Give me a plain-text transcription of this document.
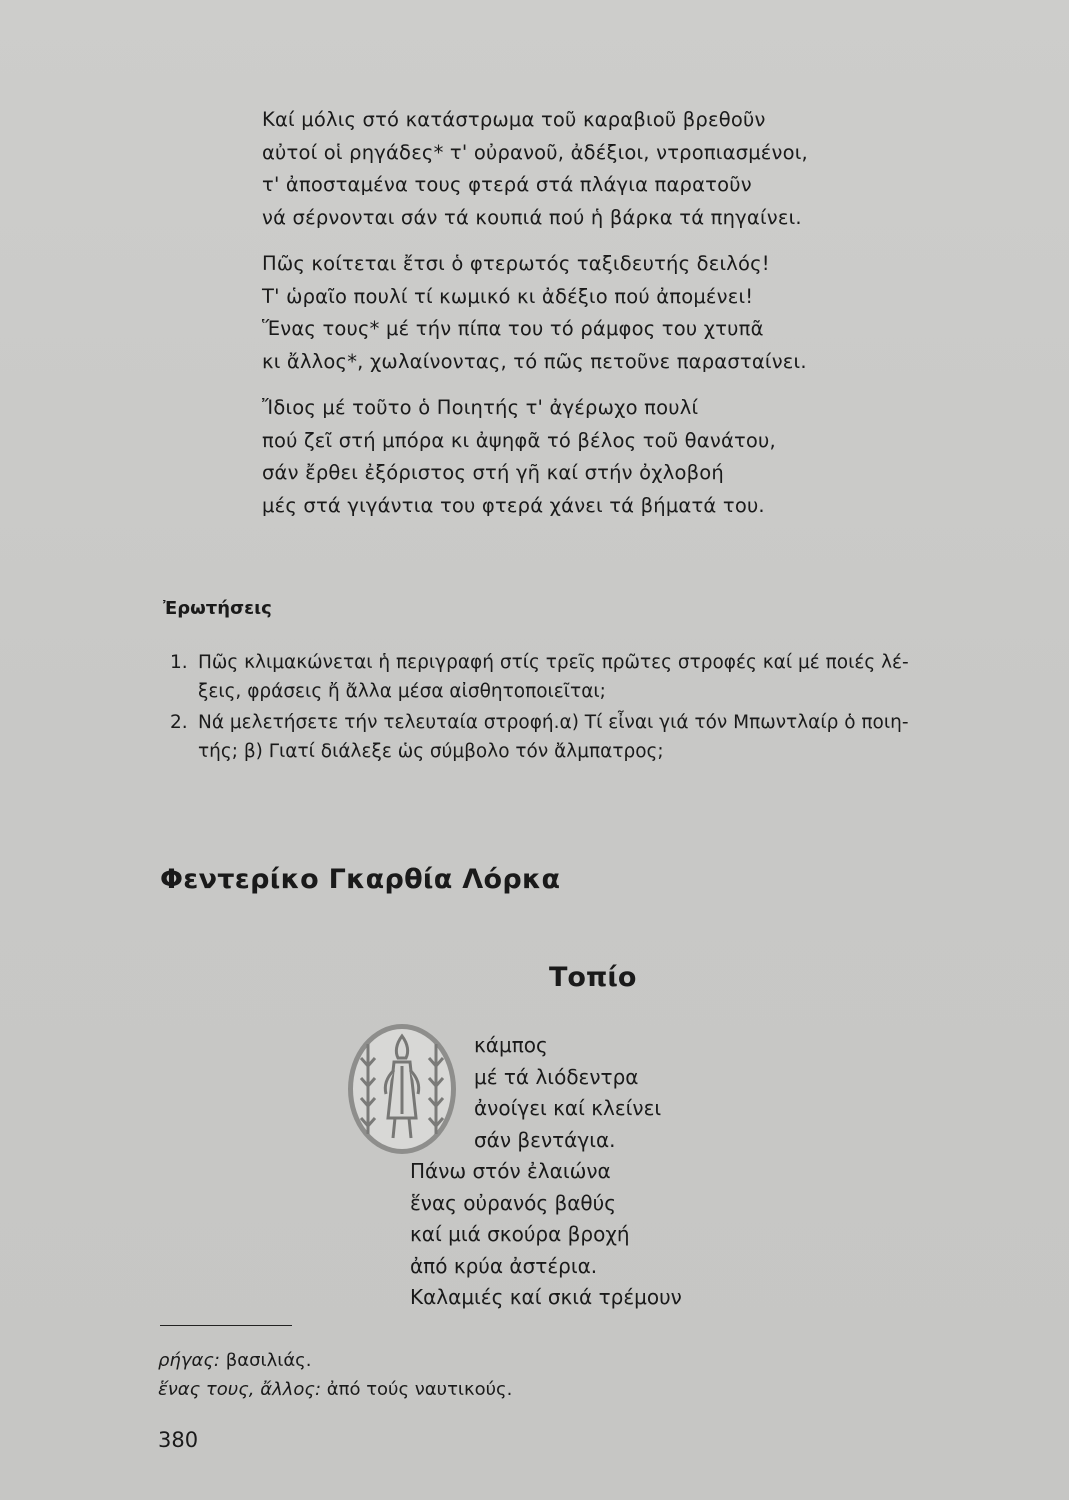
Καί μόλις στό κατάστρωμα τοῦ καραβιοῦ βρεθοῦν
αὐτοί οἱ ρηγάδες* τ' οὐρανοῦ, ἀδέξιοι, ντροπιασμένοι,
τ' ἀποσταμένα τους φτερά στά πλάγια παρατοῦν
νά σέρνονται σάν τά κουπιά πού ἡ βάρκα τά πηγαίνει.
Πῶς κοίτεται ἔτσι ὁ φτερωτός ταξιδευτής δειλός!
Τ' ὡραῖο πουλί τί κωμικό κι ἀδέξιο πού ἀπομένει!
Ἕνας τους* μέ τήν πίπα του τό ράμφος του χτυπᾶ
κι ἄλλος*, χωλαίνοντας, τό πῶς πετοῦνε παρασταίνει.
Ἴδιος μέ τοῦτο ὁ Ποιητής τ' ἀγέρωχο πουλί
πού ζεῖ στή μπόρα κι ἀψηφᾶ τό βέλος τοῦ θανάτου,
σάν ἔρθει ἐξόριστος στή γῆ καί στήν ὀχλοβοή
μές στά γιγάντια του φτερά χάνει τά βήματά του.
Ἐρωτήσεις
1. Πῶς κλιμακώνεται ἡ περιγραφή στίς τρεῖς πρῶτες στροφές καί μέ ποιές λέ-
ξεις, φράσεις ἤ ἄλλα μέσα αἰσθητοποιεῖται;
2. Νά μελετήσετε τήν τελευταία στροφή.α) Τί εἶναι γιά τόν Μπωντλαίρ ὁ ποιη-
τής; β) Γιατί διάλεξε ὡς σύμβολο τόν ἄλμπατρος;
Φεντερίκο Γκαρθία Λόρκα
Τοπίο
κάμπος
μέ τά λιόδεντρα
ἀνοίγει καί κλείνει
σάν βεντάγια.
Πάνω στόν ἐλαιώνα
ἕνας οὐρανός βαθύς
καί μιά σκούρα βροχή
ἀπό κρύα ἀστέρια.
Καλαμιές καί σκιά τρέμουν
ρήγας: βασιλιάς.
ἕνας τους, ἄλλος: ἀπό τούς ναυτικούς.
380
